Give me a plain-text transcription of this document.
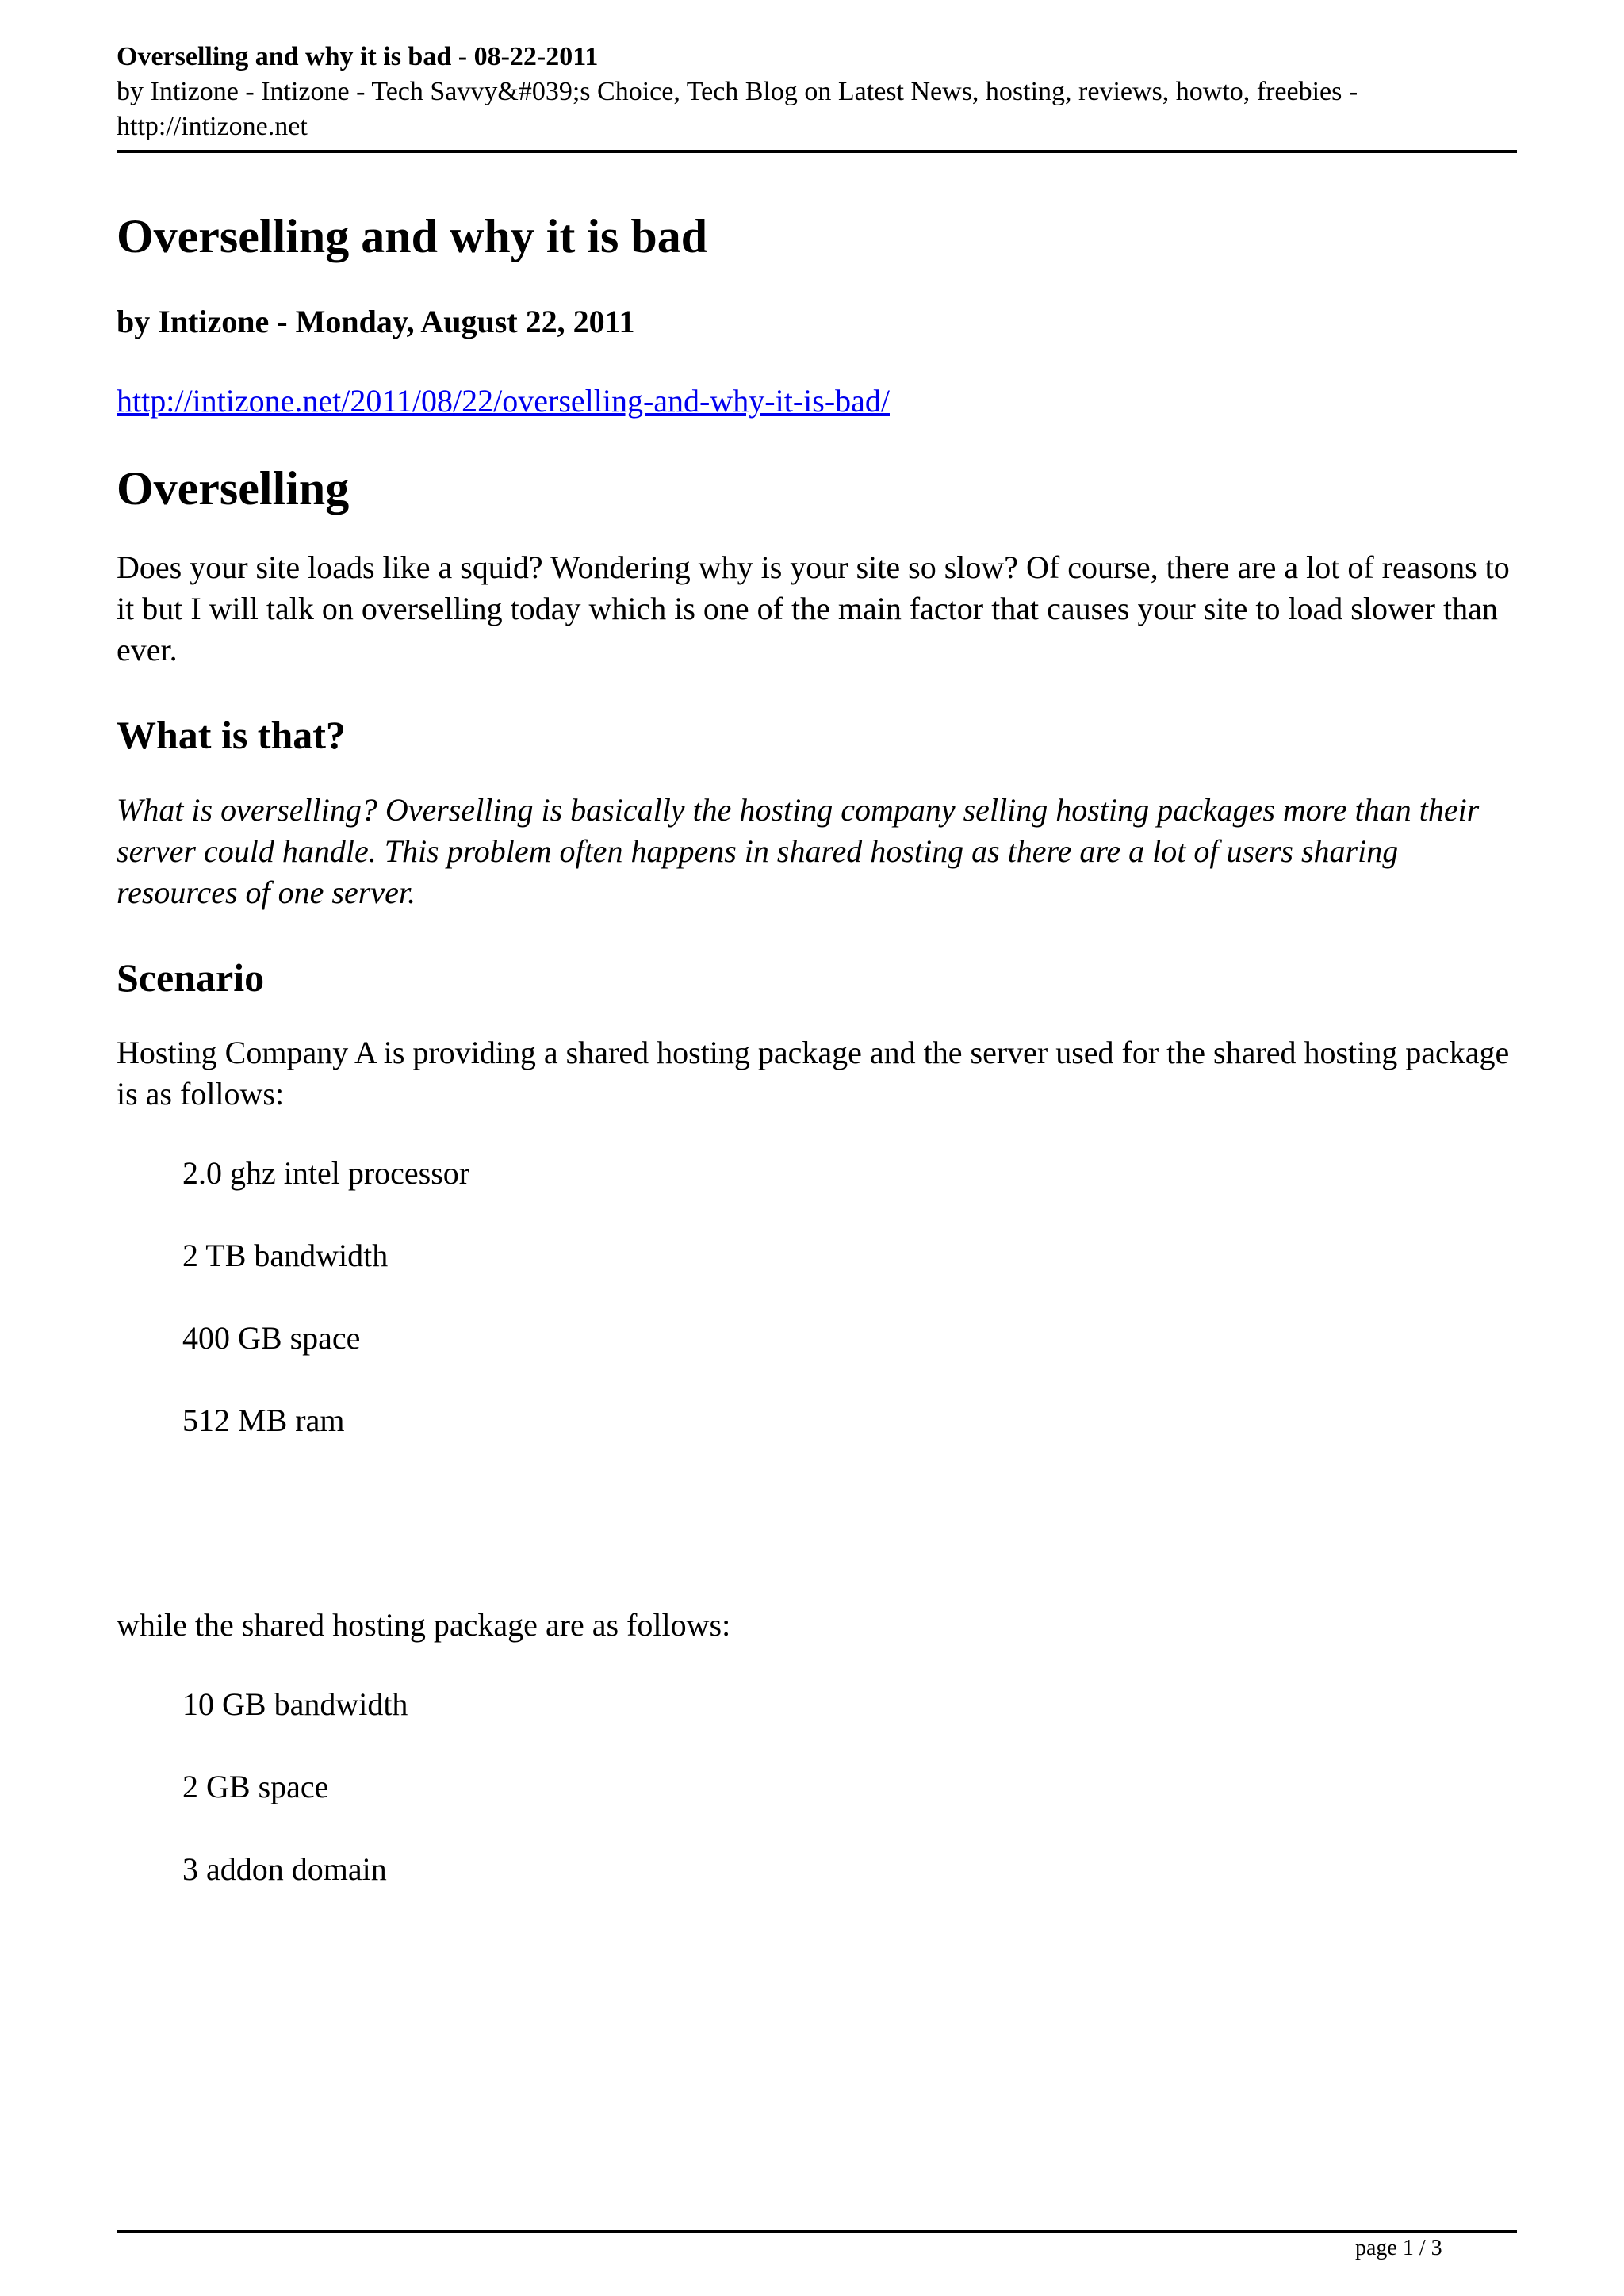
Overselling and why it is bad - 08-22-2011

by Intizone - Intizone - Tech Savvy&#039;s Choice, Tech Blog on Latest News, hosting, reviews, howto, freebies -

http://intizone.net

Overselling and why it is bad
by Intizone - Monday, August 22, 2011
http://intizone.net/2011/08/22/overselling-and-why-it-is-bad/
Overselling

Does your site loads like a squid? Wondering why is your site so slow? Of course, there are a lot of reasons to it but I will talk on overselling today which is one of the main factor that causes your site to load slower than ever.

What is that?

What is overselling? Overselling is basically the hosting company selling hosting packages more than their server could handle. This problem often happens in shared hosting as there are a lot of users sharing resources of one server.

Scenario

Hosting Company A is providing a shared hosting package and the server used for the shared hosting package is as follows:

2.0 ghz intel processor
2 TB bandwidth
400 GB space
512 MB ram

while the shared hosting package are as follows:

10 GB bandwidth
2 GB space
3 addon domain
page 1 / 3
